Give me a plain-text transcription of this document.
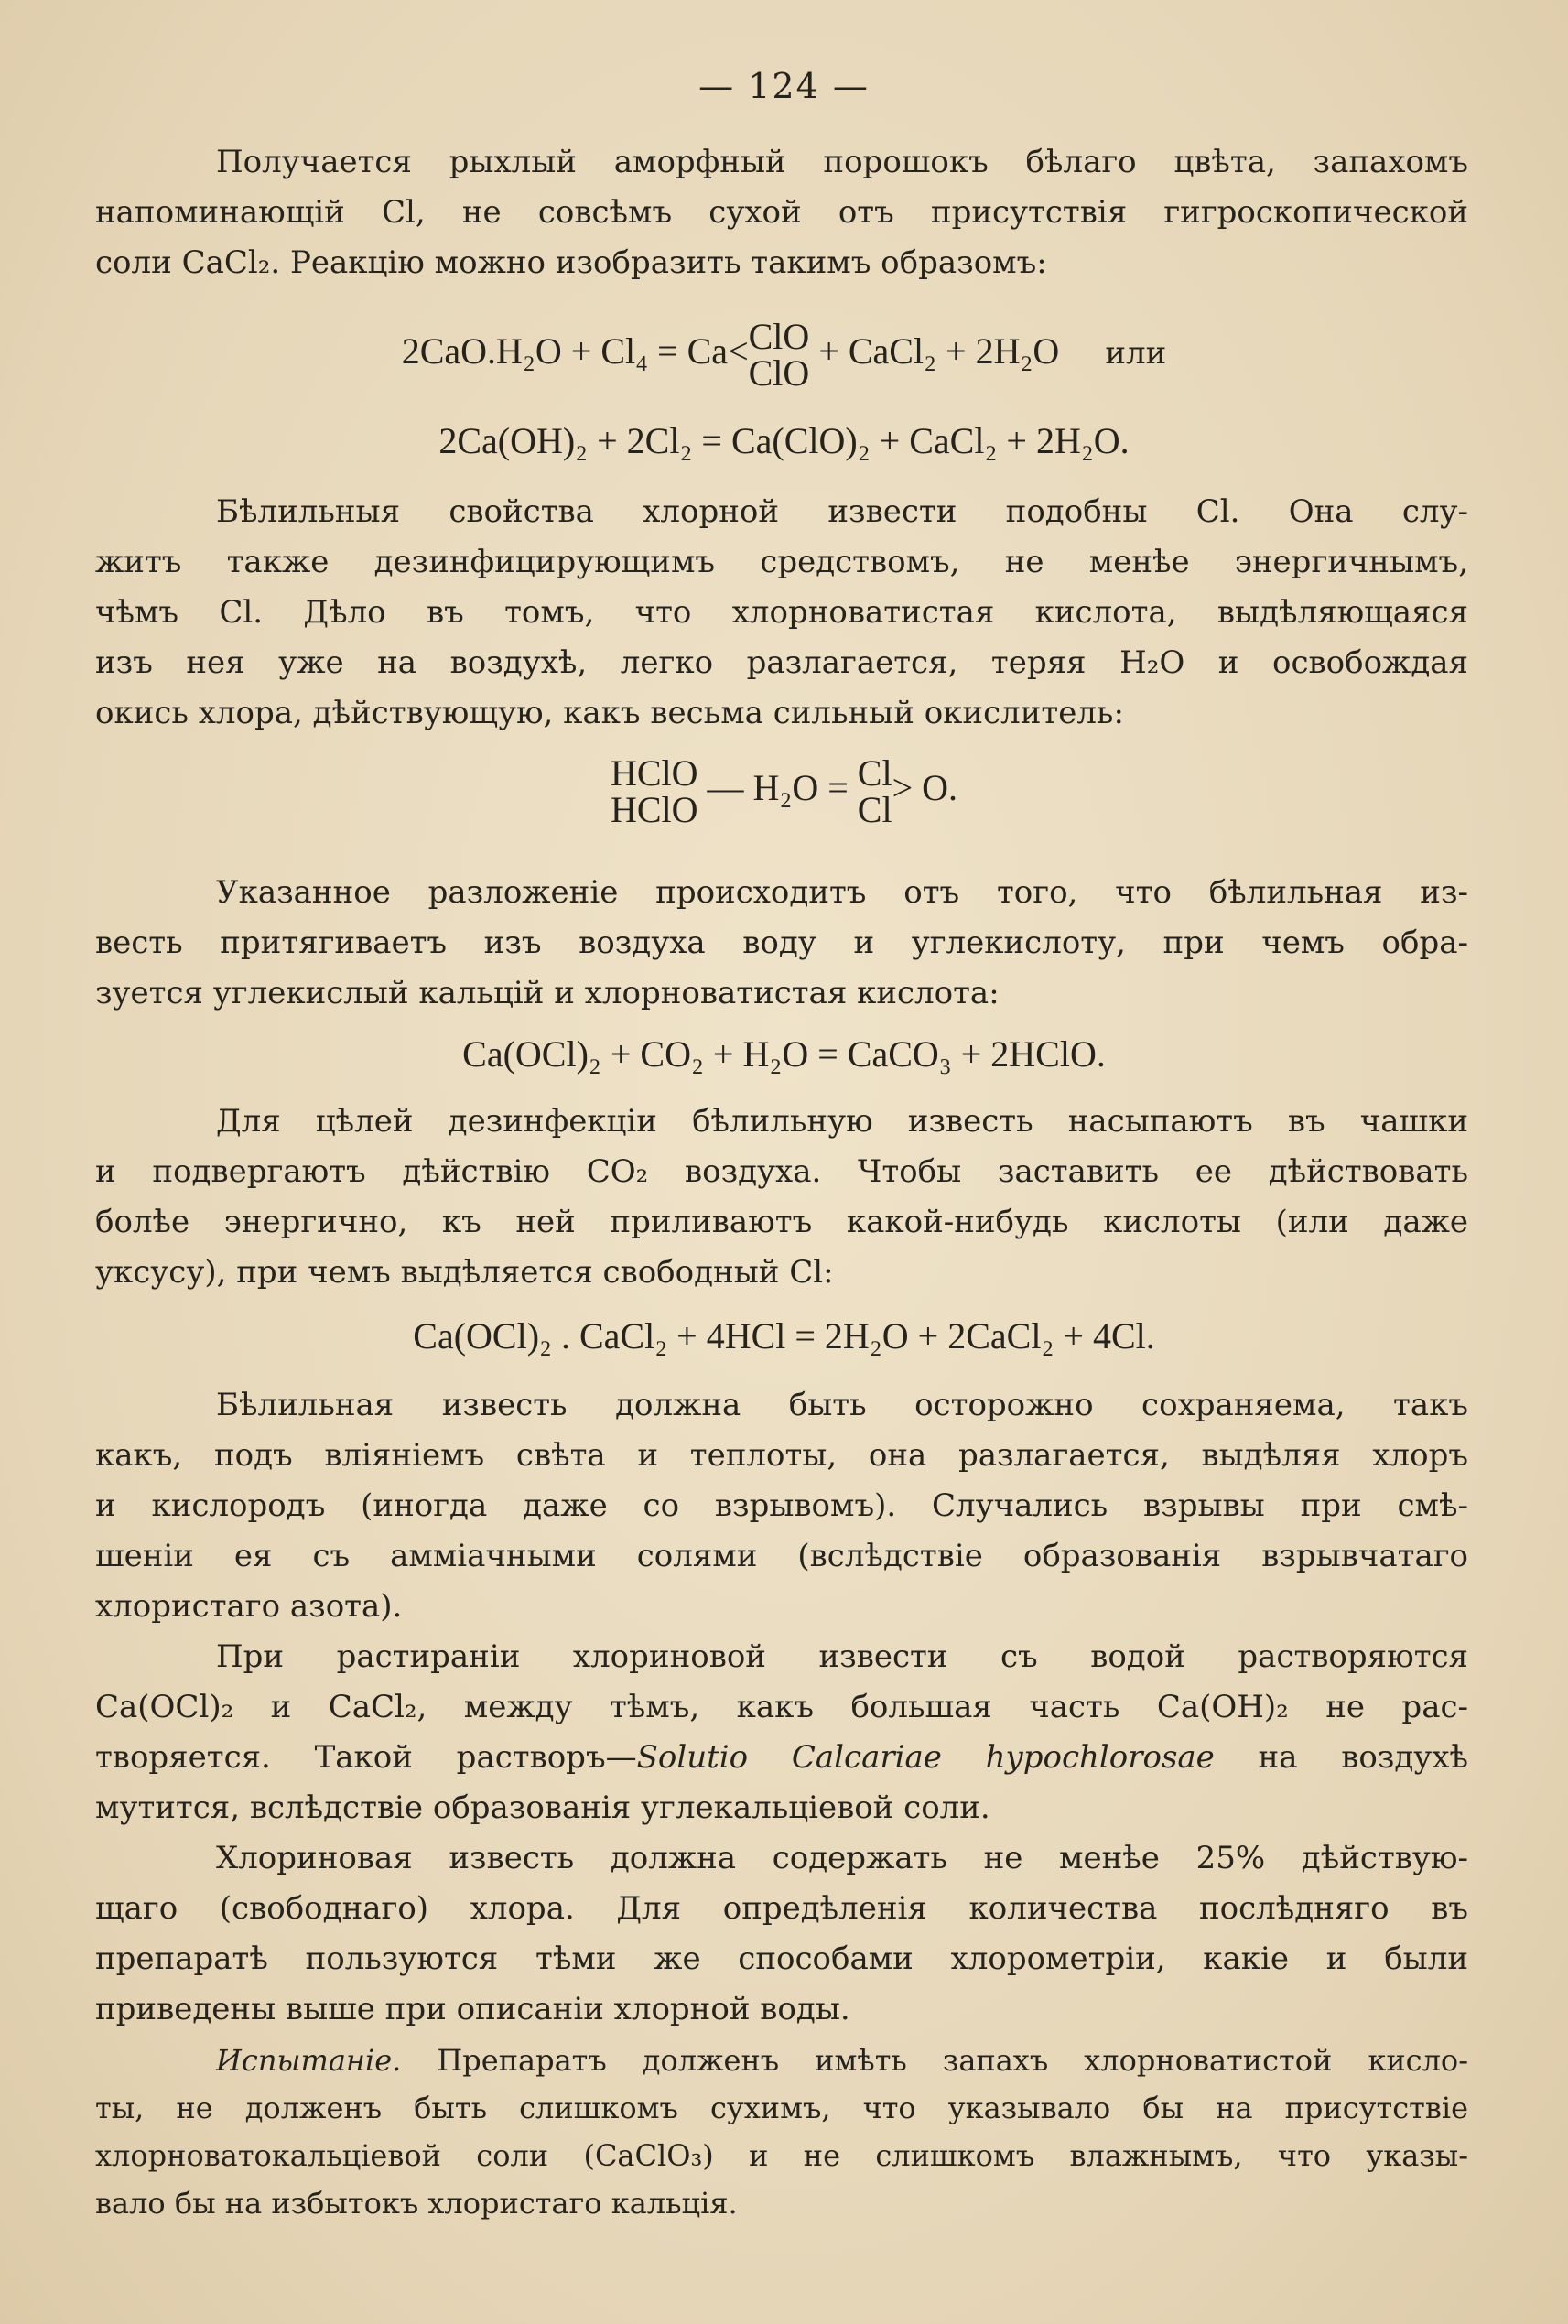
— 124 —
Получается рыхлый аморфный порошокъ бѣлаго цвѣта, запахомъ
напоминающій Cl, не совсѣмъ сухой отъ присутствія гигроскопической
соли CaCl₂. Реакцію можно изобразить такимъ образомъ:
2CaO.H₂O + Cl₄ = Ca< ClO
ClO
+ CaCl₂ + 2H₂O или
2Ca(OH)₂ + 2Cl₂ = Ca(ClO)₂ + CaCl₂ + 2H₂O.
Бѣлильныя свойства хлорной извести подобны Cl. Она слу-
житъ также дезинфицирующимъ средствомъ, не менѣе энергичнымъ,
чѣмъ Cl. Дѣло въ томъ, что хлорноватистая кислота, выдѣляющаяся
изъ нея уже на воздухѣ, легко разлагается, теряя H₂O и освобождая
окись хлора, дѣйствующую, какъ весьма сильный окислитель:
HClO
HClO
— H₂O = Cl
Cl
> O.
Указанное разложеніе происходитъ отъ того, что бѣлильная из-
весть притягиваетъ изъ воздуха воду и углекислоту, при чемъ обра-
зуется углекислый кальцій и хлорноватистая кислота:
Ca(OCl)₂ + CO₂ + H₂O = CaCO₃ + 2HClO.
Для цѣлей дезинфекціи бѣлильную известь насыпаютъ въ чашки
и подвергаютъ дѣйствію CO₂ воздуха. Чтобы заставить ее дѣйствовать
болѣе энергично, къ ней приливаютъ какой-нибудь кислоты (или даже
уксусу), при чемъ выдѣляется свободный Cl:
Ca(OCl)₂ . CaCl₂ + 4HCl = 2H₂O + 2CaCl₂ + 4Cl.
Бѣлильная известь должна быть осторожно сохраняема, такъ
какъ, подъ вліяніемъ свѣта и теплоты, она разлагается, выдѣляя хлоръ
и кислородъ (иногда даже со взрывомъ). Случались взрывы при смѣ-
шеніи ея съ аммiачными солями (вслѣдствіе образованія взрывчатаго
хлористаго азота).
При растираніи хлориновой извести съ водой растворяются
Ca(OCl)₂ и CaCl₂, между тѣмъ, какъ большая часть Ca(OH)₂ не рас-
творяется. Такой растворъ—Solutio Calcariae hypochlorosae на воздухѣ
мутится, вслѣдствіе образованія углекальціевой соли.
Хлориновая известь должна содержать не менѣе 25% дѣйствую-
щаго (свободнаго) хлора. Для опредѣленія количества послѣдняго въ
препаратѣ пользуются тѣми же способами хлорометріи, какіе и были
приведены выше при описаніи хлорной воды.
Испытаніе. Препаратъ долженъ имѣть запахъ хлорноватистой кисло-
ты, не долженъ быть слишкомъ сухимъ, что указывало бы на присутствіе
хлорноватокальціевой соли (CaClO₃) и не слишкомъ влажнымъ, что указы-
вало бы на избытокъ хлористаго кальція.
